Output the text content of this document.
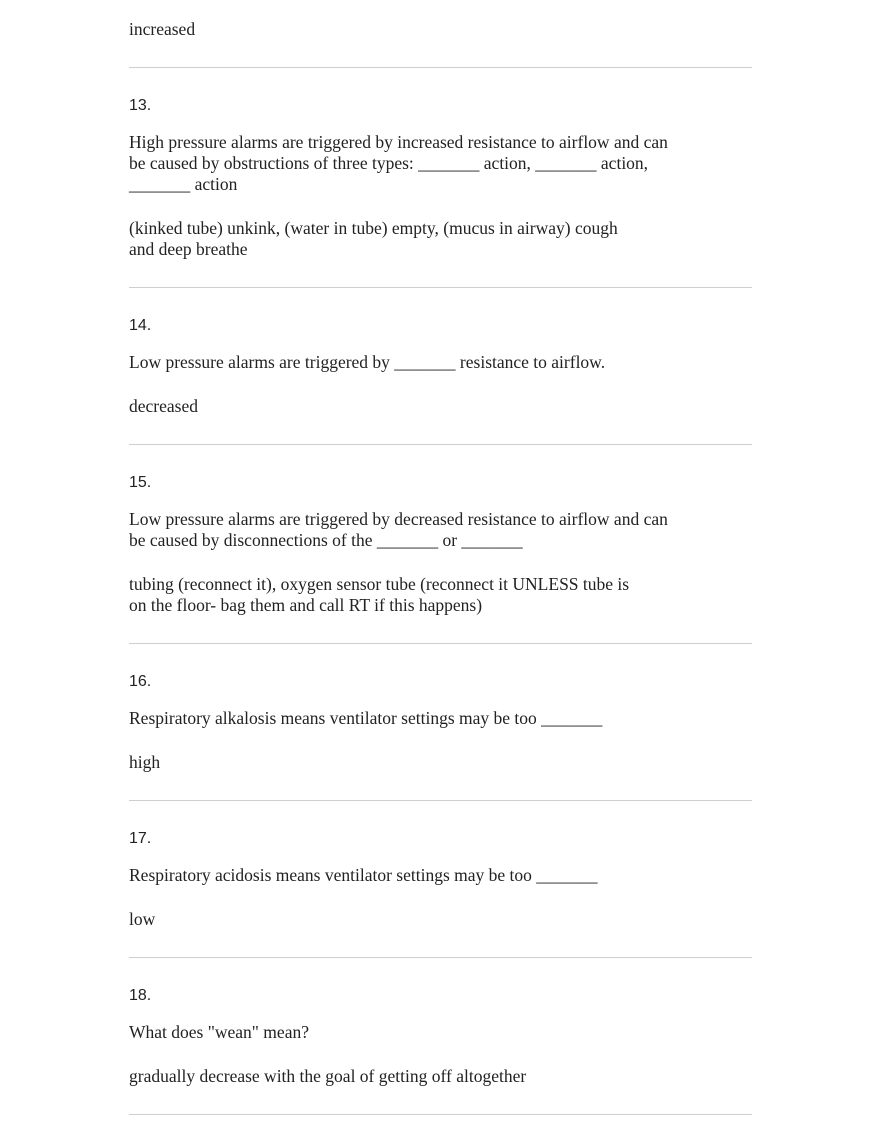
increased
13.
High pressure alarms are triggered by increased resistance to airflow and can
be caused by obstructions of three types: _______ action, _______ action,
_______ action
(kinked tube) unkink, (water in tube) empty, (mucus in airway) cough
and deep breathe
14.
Low pressure alarms are triggered by _______ resistance to airflow.
decreased
15.
Low pressure alarms are triggered by decreased resistance to airflow and can
be caused by disconnections of the _______ or _______
tubing (reconnect it), oxygen sensor tube (reconnect it UNLESS tube is
on the floor- bag them and call RT if this happens)
16.
Respiratory alkalosis means ventilator settings may be too _______
high
17.
Respiratory acidosis means ventilator settings may be too _______
low
18.
What does "wean" mean?
gradually decrease with the goal of getting off altogether
